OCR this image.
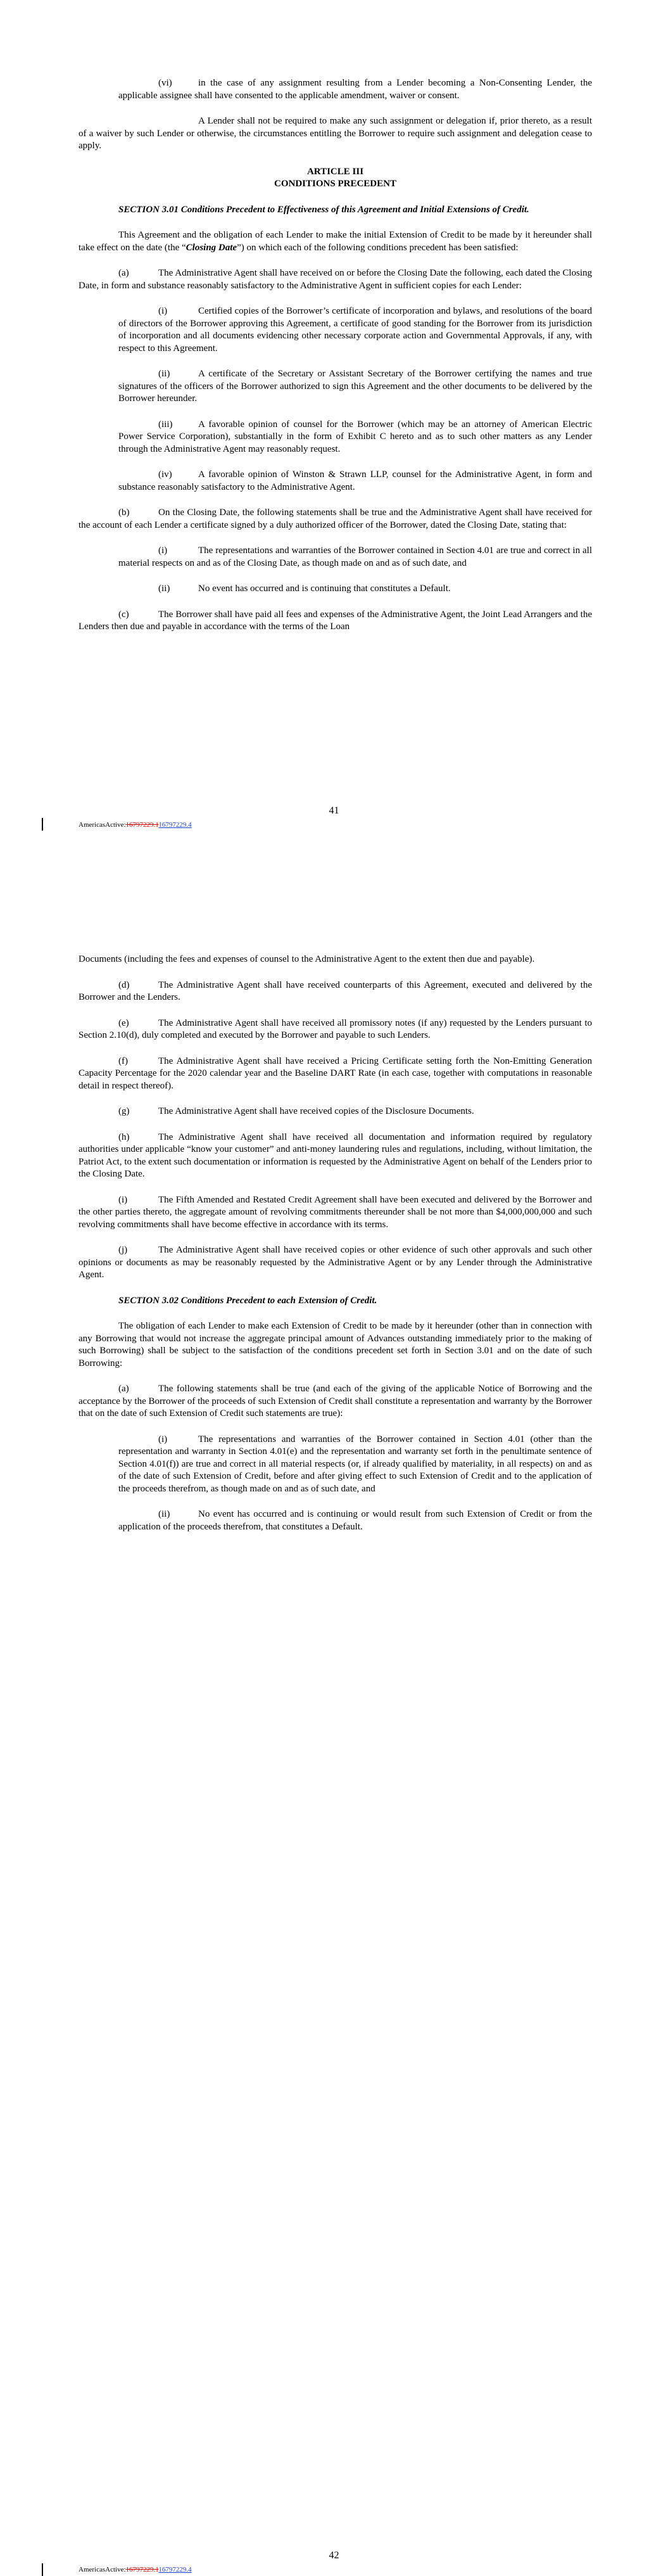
(vi)	in the case of any assignment resulting from a Lender becoming a Non-Consenting Lender, the applicable assignee shall have consented to the applicable amendment, waiver or consent.

A Lender shall not be required to make any such assignment or delegation if, prior thereto, as a result of a waiver by such Lender or otherwise, the circumstances entitling the Borrower to require such assignment and delegation cease to apply.

ARTICLE III
CONDITIONS PRECEDENT

SECTION 3.01 Conditions Precedent to Effectiveness of this Agreement and Initial Extensions of Credit.

This Agreement and the obligation of each Lender to make the initial Extension of Credit to be made by it hereunder shall take effect on the date (the “Closing Date”) on which each of the following conditions precedent has been satisfied:

(a)	The Administrative Agent shall have received on or before the Closing Date the following, each dated the Closing Date, in form and substance reasonably satisfactory to the Administrative Agent in sufficient copies for each Lender:

(i)	Certified copies of the Borrower’s certificate of incorporation and bylaws, and resolutions of the board of directors of the Borrower approving this Agreement, a certificate of good standing for the Borrower from its jurisdiction of incorporation and all documents evidencing other necessary corporate action and Governmental Approvals, if any, with respect to this Agreement.

(ii)	A certificate of the Secretary or Assistant Secretary of the Borrower certifying the names and true signatures of the officers of the Borrower authorized to sign this Agreement and the other documents to be delivered by the Borrower hereunder.

(iii)	A favorable opinion of counsel for the Borrower (which may be an attorney of American Electric Power Service Corporation), substantially in the form of Exhibit C hereto and as to such other matters as any Lender through the Administrative Agent may reasonably request.

(iv)	A favorable opinion of Winston & Strawn LLP, counsel for the Administrative Agent, in form and substance reasonably satisfactory to the Administrative Agent.

(b)	On the Closing Date, the following statements shall be true and the Administrative Agent shall have received for the account of each Lender a certificate signed by a duly authorized officer of the Borrower, dated the Closing Date, stating that:

(i)	The representations and warranties of the Borrower contained in Section 4.01 are true and correct in all material respects on and as of the Closing Date, as though made on and as of such date, and

(ii)	No event has occurred and is continuing that constitutes a Default.

(c)	The Borrower shall have paid all fees and expenses of the Administrative Agent, the Joint Lead Arrangers and the Lenders then due and payable in accordance with the terms of the Loan

41
AmericasActive:16797229.116797229.4

Documents (including the fees and expenses of counsel to the Administrative Agent to the extent then due and payable).

(d)	The Administrative Agent shall have received counterparts of this Agreement, executed and delivered by the Borrower and the Lenders.

(e)	The Administrative Agent shall have received all promissory notes (if any) requested by the Lenders pursuant to Section 2.10(d), duly completed and executed by the Borrower and payable to such Lenders.

(f)	The Administrative Agent shall have received a Pricing Certificate setting forth the Non-Emitting Generation Capacity Percentage for the 2020 calendar year and the Baseline DART Rate (in each case, together with computations in reasonable detail in respect thereof).

(g)	The Administrative Agent shall have received copies of the Disclosure Documents.

(h)	The Administrative Agent shall have received all documentation and information required by regulatory authorities under applicable “know your customer” and anti-money laundering rules and regulations, including, without limitation, the Patriot Act, to the extent such documentation or information is requested by the Administrative Agent on behalf of the Lenders prior to the Closing Date.

(i)	The Fifth Amended and Restated Credit Agreement shall have been executed and delivered by the Borrower and the other parties thereto, the aggregate amount of revolving commitments thereunder shall be not more than $4,000,000,000 and such revolving commitments shall have become effective in accordance with its terms.

(j)	The Administrative Agent shall have received copies or other evidence of such other approvals and such other opinions or documents as may be reasonably requested by the Administrative Agent or by any Lender through the Administrative Agent.

SECTION 3.02 Conditions Precedent to each Extension of Credit.

The obligation of each Lender to make each Extension of Credit to be made by it hereunder (other than in connection with any Borrowing that would not increase the aggregate principal amount of Advances outstanding immediately prior to the making of such Borrowing) shall be subject to the satisfaction of the conditions precedent set forth in Section 3.01 and on the date of such Borrowing:

(a)	The following statements shall be true (and each of the giving of the applicable Notice of Borrowing and the acceptance by the Borrower of the proceeds of such Extension of Credit shall constitute a representation and warranty by the Borrower that on the date of such Extension of Credit such statements are true):

(i)	The representations and warranties of the Borrower contained in Section 4.01 (other than the representation and warranty in Section 4.01(e) and the representation and warranty set forth in the penultimate sentence of Section 4.01(f)) are true and correct in all material respects (or, if already qualified by materiality, in all respects) on and as of the date of such Extension of Credit, before and after giving effect to such Extension of Credit and to the application of the proceeds therefrom, as though made on and as of such date, and

(ii)	No event has occurred and is continuing or would result from such Extension of Credit or from the application of the proceeds therefrom, that constitutes a Default.

42
AmericasActive:16797229.116797229.4
